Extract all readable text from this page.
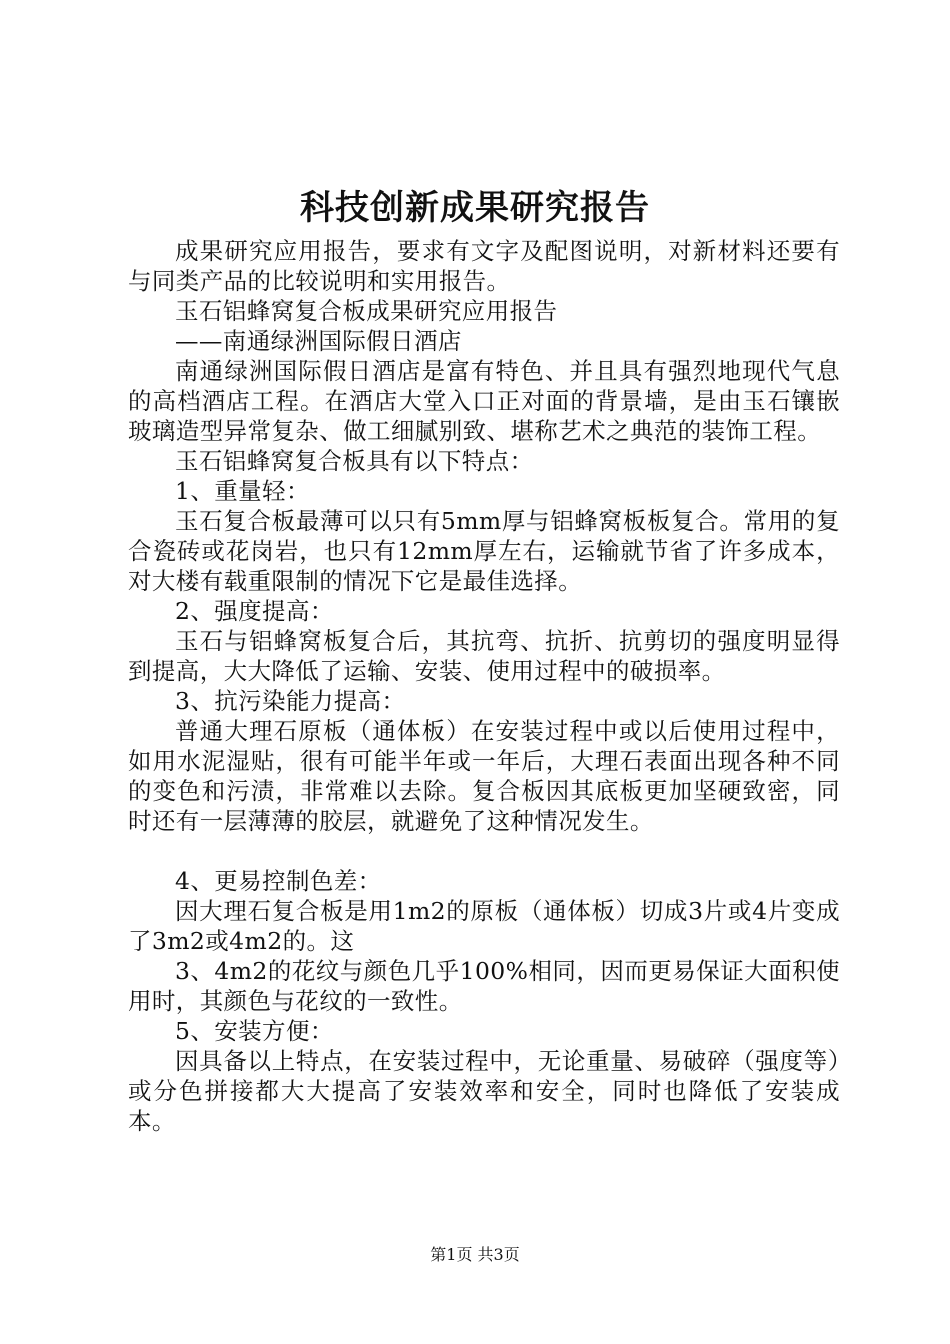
科技创新成果研究报告

成果研究应用报告，要求有文字及配图说明，对新材料还要有与同类产品的比较说明和实用报告。

玉石铝蜂窝复合板成果研究应用报告

——南通绿洲国际假日酒店

南通绿洲国际假日酒店是富有特色、并且具有强烈地现代气息的高档酒店工程。在酒店大堂入口正对面的背景墙，是由玉石镶嵌玻璃造型异常复杂、做工细腻别致、堪称艺术之典范的装饰工程。

玉石铝蜂窝复合板具有以下特点：

1、重量轻：

玉石复合板最薄可以只有5mm厚与铝蜂窝板板复合。常用的复合瓷砖或花岗岩，也只有12mm厚左右，运输就节省了许多成本，对大楼有载重限制的情况下它是最佳选择。

2、强度提高：

玉石与铝蜂窝板复合后，其抗弯、抗折、抗剪切的强度明显得到提高，大大降低了运输、安装、使用过程中的破损率。

3、抗污染能力提高：

普通大理石原板（通体板）在安装过程中或以后使用过程中，如用水泥湿贴，很有可能半年或一年后，大理石表面出现各种不同的变色和污渍，非常难以去除。复合板因其底板更加坚硬致密，同时还有一层薄薄的胶层，就避免了这种情况发生。

4、更易控制色差：

因大理石复合板是用1m2的原板（通体板）切成3片或4片变成了3m2或4m2的。这

3、4m2的花纹与颜色几乎100%相同，因而更易保证大面积使用时，其颜色与花纹的一致性。

5、安装方便：

因具备以上特点，在安装过程中，无论重量、易破碎（强度等）或分色拼接都大大提高了安装效率和安全，同时也降低了安装成本。

第1页 共3页
